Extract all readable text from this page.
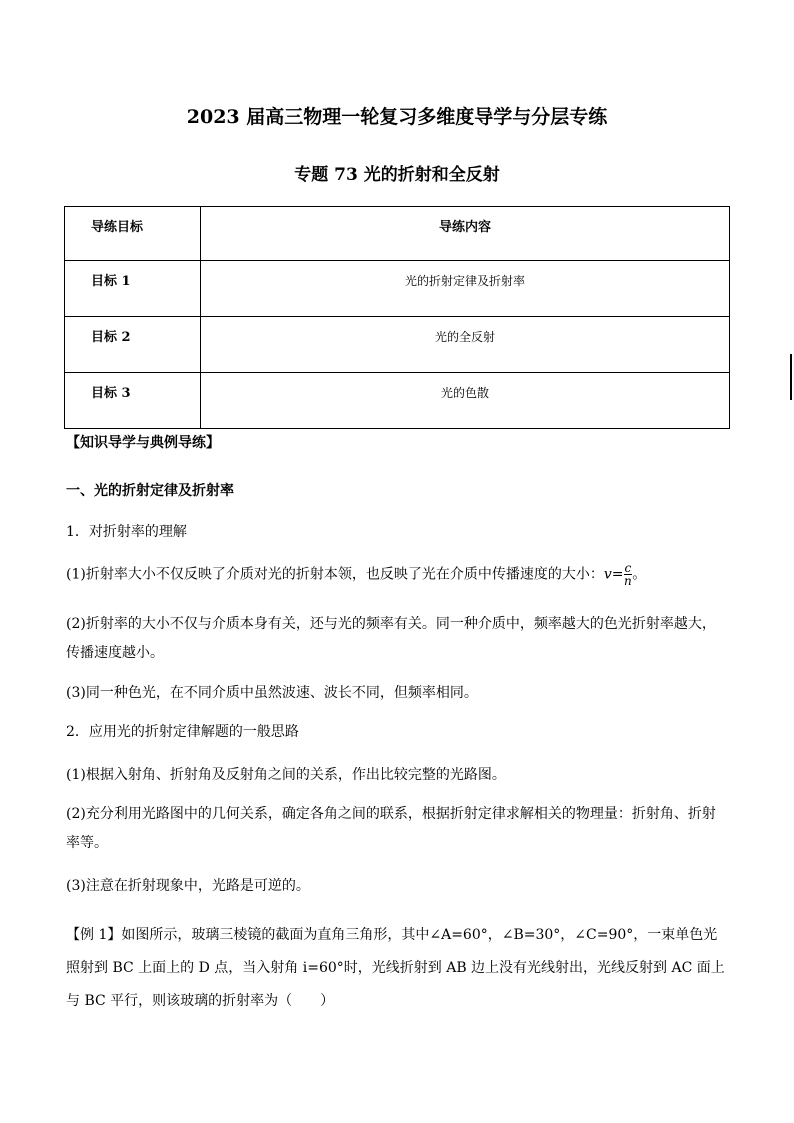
2023 届高三物理一轮复习多维度导学与分层专练
专题 73 光的折射和全反射
导练目标	导练内容
目标 1	光的折射定律及折射率
目标 2	光的全反射
目标 3	光的色散
【知识导学与典例导练】
一、光的折射定律及折射率
1．对折射率的理解
(1)折射率大小不仅反映了介质对光的折射本领，也反映了光在介质中传播速度的大小：$v= \frac{c}{n}$ 。
(2)折射率的大小不仅与介质本身有关，还与光的频率有关。同一种介质中，频率越大的色光折射率越大，传播速度越小。
(3)同一种色光，在不同介质中虽然波速、波长不同，但频率相同。
2．应用光的折射定律解题的一般思路
(1)根据入射角、折射角及反射角之间的关系，作出比较完整的光路图。
(2)充分利用光路图中的几何关系，确定各角之间的联系，根据折射定律求解相关的物理量：折射角、折射率等。
(3)注意在折射现象中，光路是可逆的。
【例 1】如图所示，玻璃三棱镜的截面为直角三角形，其中∠A=60°，∠B=30°，∠C=90°，一束单色光照射到 BC 上面上的 D 点，当入射角 i=60°时，光线折射到 AB 边上没有光线射出，光线反射到 AC 面上与 BC 平行，则该玻璃的折射率为（　　）
